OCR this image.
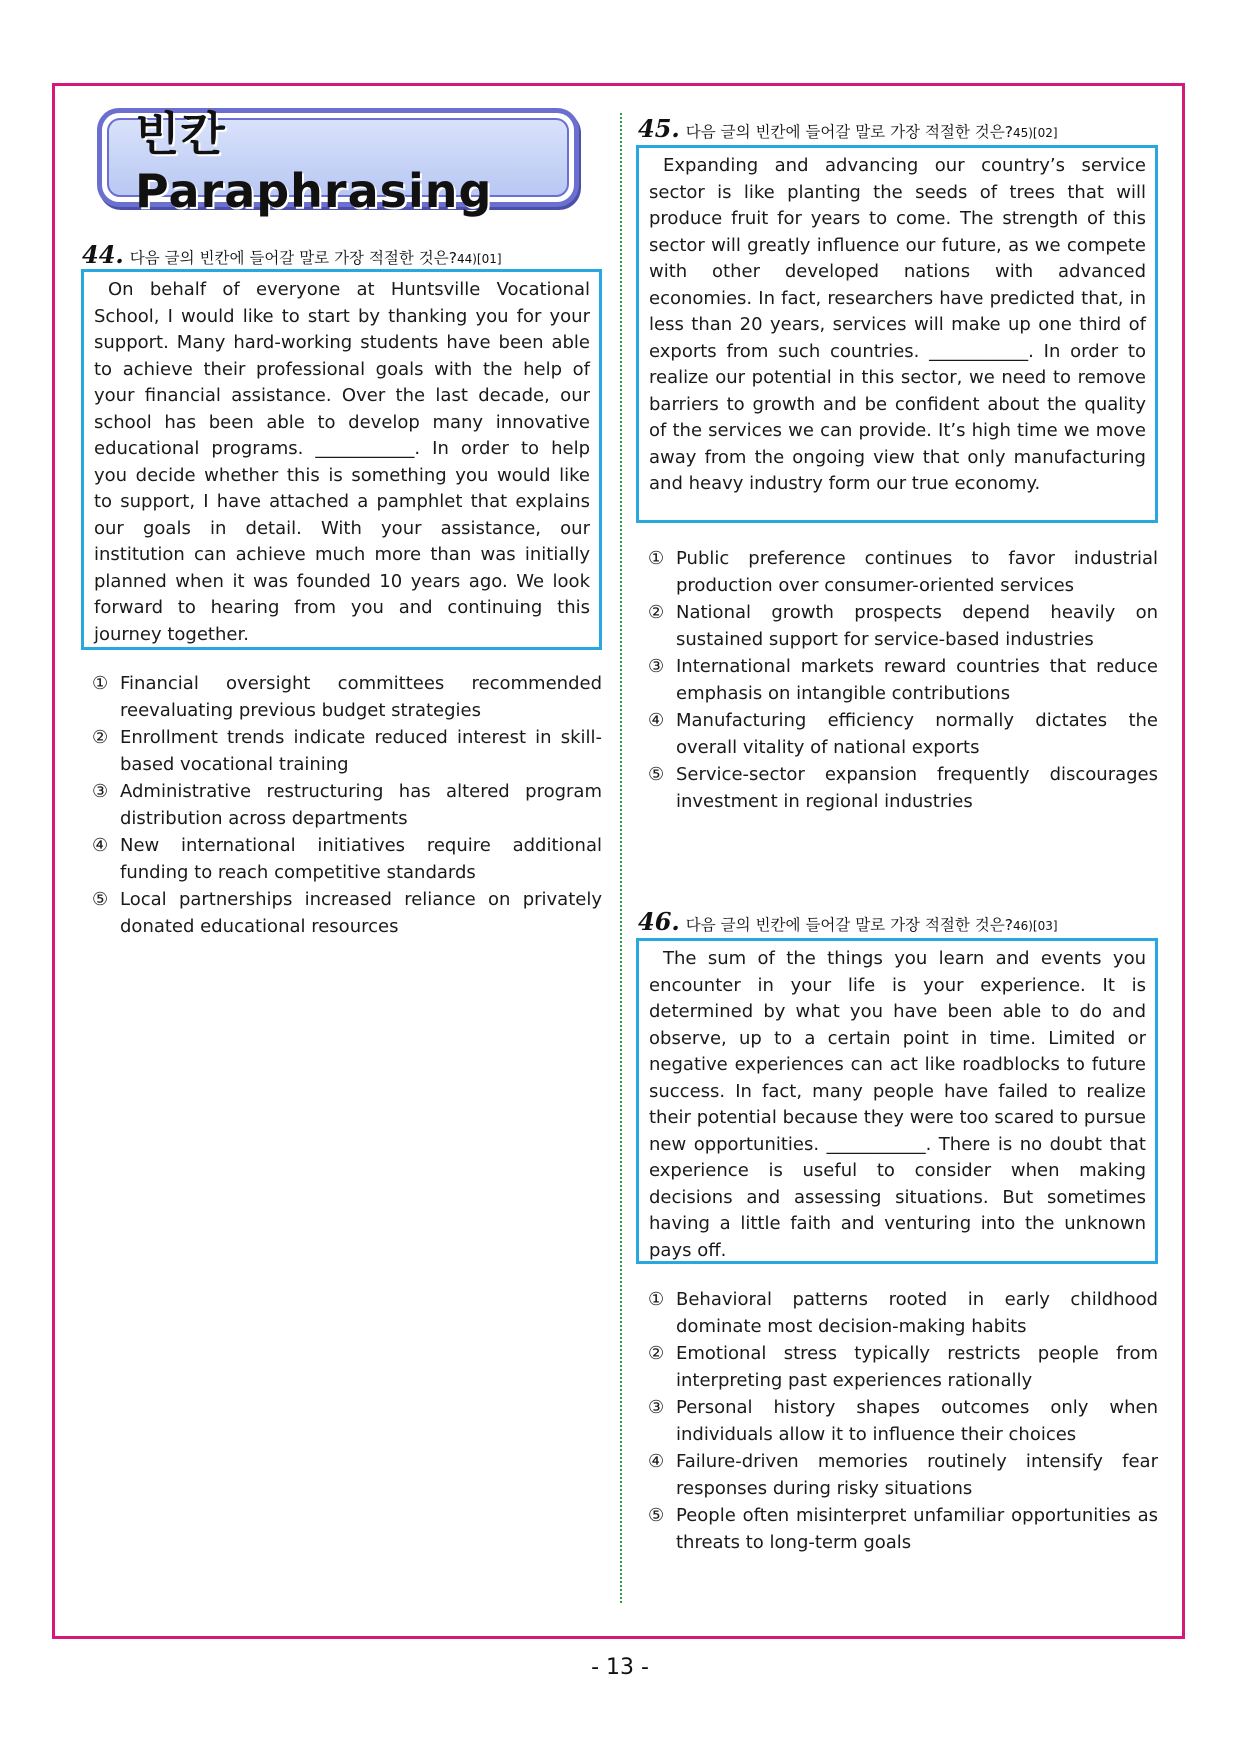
빈칸 Paraphrasing
44. 다음 글의 빈칸에 들어갈 말로 가장 적절한 것은?44)[01]

On behalf of everyone at Huntsville Vocational School, I would like to start by thanking you for your support. Many hard-working students have been able to achieve their professional goals with the help of your financial assistance. Over the last decade, our school has been able to develop many innovative educational programs. ___________. In order to help you decide whether this is something you would like to support, I have attached a pamphlet that explains our goals in detail. With your assistance, our institution can achieve much more than was initially planned when it was founded 10 years ago. We look forward to hearing from you and continuing this journey together.

① Financial oversight committees recommended reevaluating previous budget strategies
② Enrollment trends indicate reduced interest in skill-based vocational training
③ Administrative restructuring has altered program distribution across departments
④ New international initiatives require additional funding to reach competitive standards
⑤ Local partnerships increased reliance on privately donated educational resources
45. 다음 글의 빈칸에 들어갈 말로 가장 적절한 것은?45)[02]

Expanding and advancing our country’s service sector is like planting the seeds of trees that will produce fruit for years to come. The strength of this sector will greatly influence our future, as we compete with other developed nations with advanced economies. In fact, researchers have predicted that, in less than 20 years, services will make up one third of exports from such countries. ___________. In order to realize our potential in this sector, we need to remove barriers to growth and be confident about the quality of the services we can provide. It’s high time we move away from the ongoing view that only manufacturing and heavy industry form our true economy.

① Public preference continues to favor industrial production over consumer-oriented services
② National growth prospects depend heavily on sustained support for service-based industries
③ International markets reward countries that reduce emphasis on intangible contributions
④ Manufacturing efficiency normally dictates the overall vitality of national exports
⑤ Service-sector expansion frequently discourages investment in regional industries
46. 다음 글의 빈칸에 들어갈 말로 가장 적절한 것은?46)[03]

The sum of the things you learn and events you encounter in your life is your experience. It is determined by what you have been able to do and observe, up to a certain point in time. Limited or negative experiences can act like roadblocks to future success. In fact, many people have failed to realize their potential because they were too scared to pursue new opportunities. ___________. There is no doubt that experience is useful to consider when making decisions and assessing situations. But sometimes having a little faith and venturing into the unknown pays off.

① Behavioral patterns rooted in early childhood dominate most decision-making habits
② Emotional stress typically restricts people from interpreting past experiences rationally
③ Personal history shapes outcomes only when individuals allow it to influence their choices
④ Failure-driven memories routinely intensify fear responses during risky situations
⑤ People often misinterpret unfamiliar opportunities as threats to long-term goals
- 13 -
